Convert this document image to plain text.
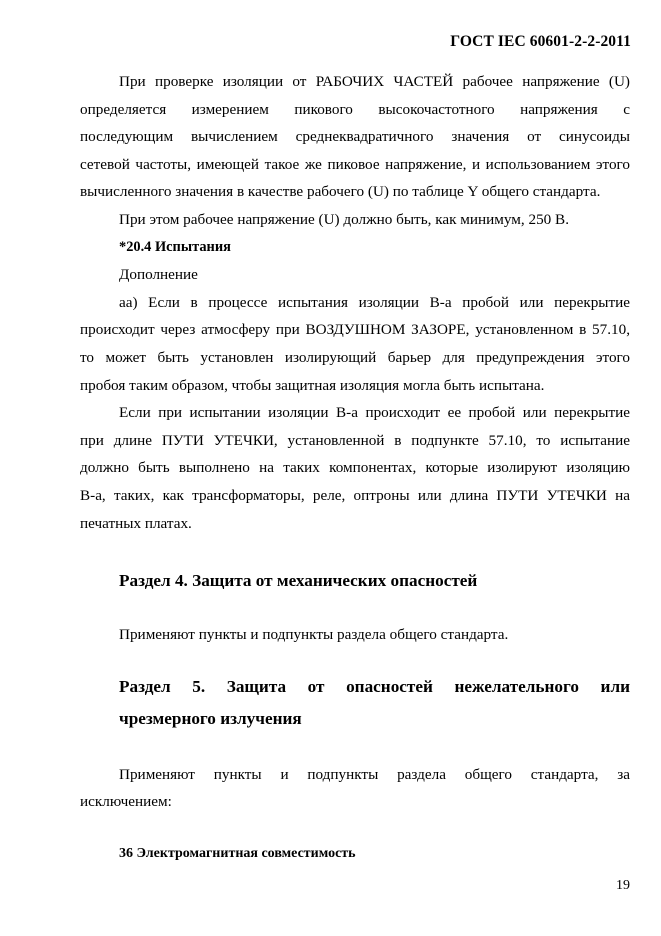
ГОСТ IEC 60601-2-2-2011

При проверке изоляции от РАБОЧИХ ЧАСТЕЙ рабочее напряжение (U)

определяется измерением пикового высокочастотного напряжения с

последующим вычислением среднеквадратичного значения от синусоиды

сетевой частоты, имеющей такое же пиковое напряжение, и использованием этого

вычисленного значения в качестве рабочего (U) по таблице Y общего стандарта.

При этом рабочее напряжение (U) должно быть, как минимум, 250 В.

*20.4 Испытания

Дополнение

аа) Если в процессе испытания изоляции В-а пробой или перекрытие

происходит через атмосферу при ВОЗДУШНОМ ЗАЗОРЕ, установленном в 57.10,

то может быть установлен изолирующий барьер для предупреждения этого

пробоя таким образом, чтобы защитная изоляция могла быть испытана.

Если при испытании изоляции В-а происходит ее пробой или перекрытие

при длине ПУТИ УТЕЧКИ, установленной в подпункте 57.10, то испытание

должно быть выполнено на таких компонентах, которые изолируют изоляцию

В-а, таких, как трансформаторы, реле, оптроны или длина ПУТИ УТЕЧКИ на

печатных платах.

Раздел 4. Защита от механических опасностей

Применяют пункты и подпункты раздела общего стандарта.

Раздел 5. Защита от опасностей нежелательного или

чрезмерного излучения

Применяют пункты и подпункты раздела общего стандарта, за

исключением:

36 Электромагнитная совместимость

19
